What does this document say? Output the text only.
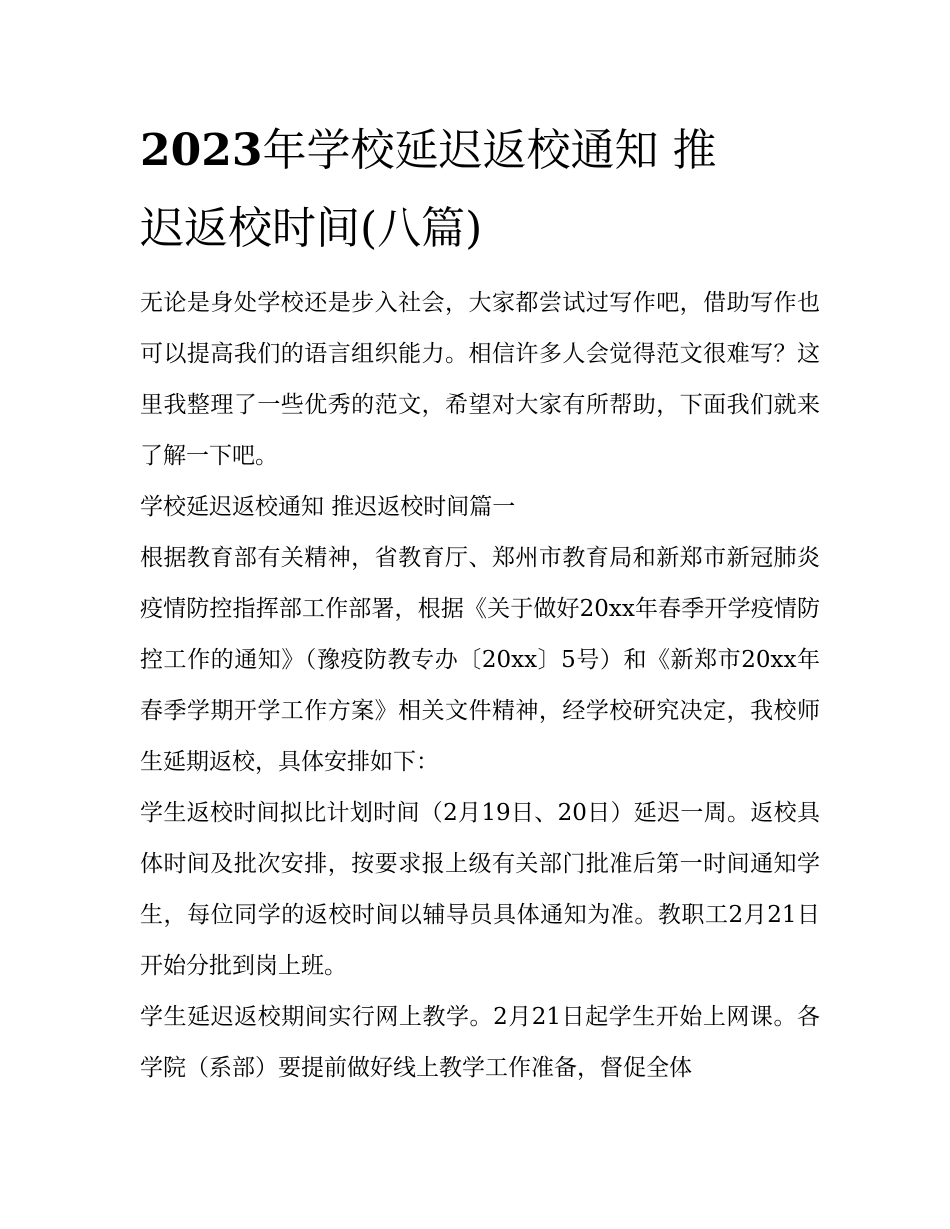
2023年学校延迟返校通知 推
迟返校时间(八篇)

无论是身处学校还是步入社会，大家都尝试过写作吧，借助写作也可以提高我们的语言组织能力。相信许多人会觉得范文很难写？这里我整理了一些优秀的范文，希望对大家有所帮助，下面我们就来了解一下吧。

学校延迟返校通知 推迟返校时间篇一

根据教育部有关精神，省教育厅、郑州市教育局和新郑市新冠肺炎疫情防控指挥部工作部署，根据《关于做好20xx年春季开学疫情防控工作的通知》（豫疫防教专办〔20xx〕5号）和《新郑市20xx年春季学期开学工作方案》相关文件精神，经学校研究决定，我校师生延期返校，具体安排如下：

学生返校时间拟比计划时间（2月19日、20日）延迟一周。返校具体时间及批次安排，按要求报上级有关部门批准后第一时间通知学生，每位同学的返校时间以辅导员具体通知为准。教职工2月21日开始分批到岗上班。

学生延迟返校期间实行网上教学。2月21日起学生开始上网课。各学院（系部）要提前做好线上教学工作准备，督促全体
